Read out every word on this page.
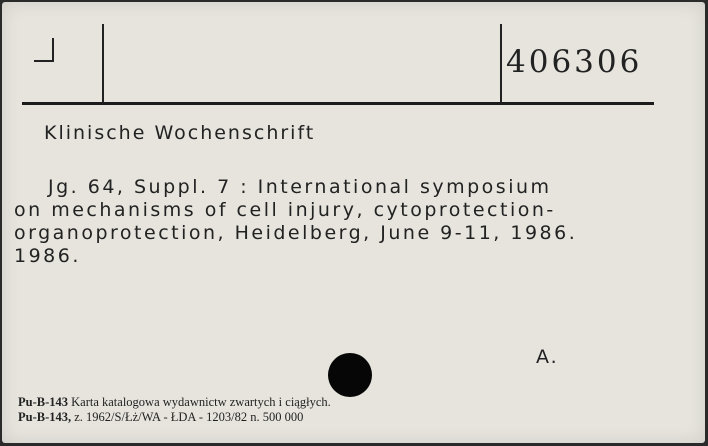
406306
Klinische Wochenschrift
Jg. 64, Suppl. 7 : International symposium
on mechanisms of cell injury, cytoprotection-
organoprotection, Heidelberg, June 9-11, 1986.
1986.
A.
Pu-B-143 Karta katalogowa wydawnictw zwartych i ciągłych.
Pu-B-143, z. 1962/S/Łż/WA - ŁDA - 1203/82 n. 500 000
